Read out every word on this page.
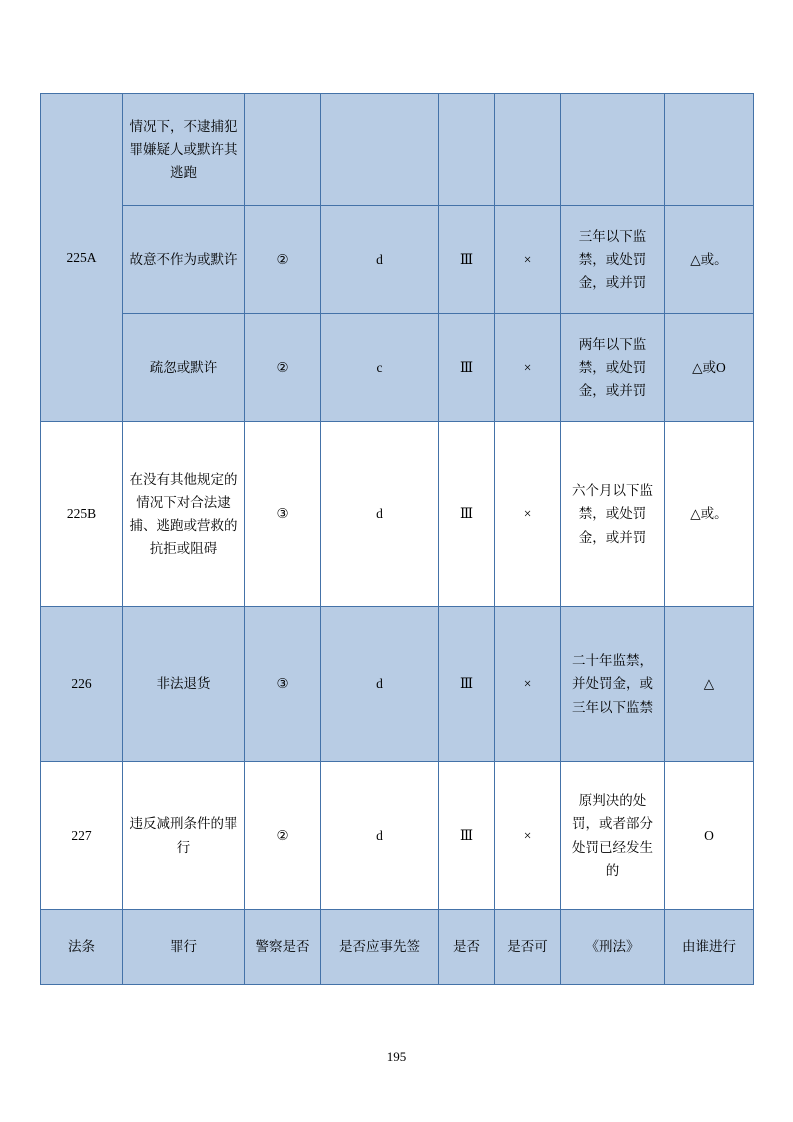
225A	情况下，不逮捕犯罪嫌疑人或默许其逃跑						

	故意不作为或默许	②	d	Ⅲ	×	三年以下监禁，或处罚金，或并罚	△或。

	疏忽或默许	②	c	Ⅲ	×	两年以下监禁，或处罚金，或并罚	△或O

225B	在没有其他规定的情况下对合法逮捕、逃跑或营救的抗拒或阻碍	③	d	Ⅲ	×	六个月以下监禁，或处罚金，或并罚	△或。

226	非法退货	③	d	Ⅲ	×	二十年监禁，并处罚金，或三年以下监禁	△

227	违反减刑条件的罪行	②	d	Ⅲ	×	原判决的处罚，或者部分处罚已经发生的	O

法条	罪行	警察是否	是否应事先签	是否	是否可	《刑法》	由谁进行
195
